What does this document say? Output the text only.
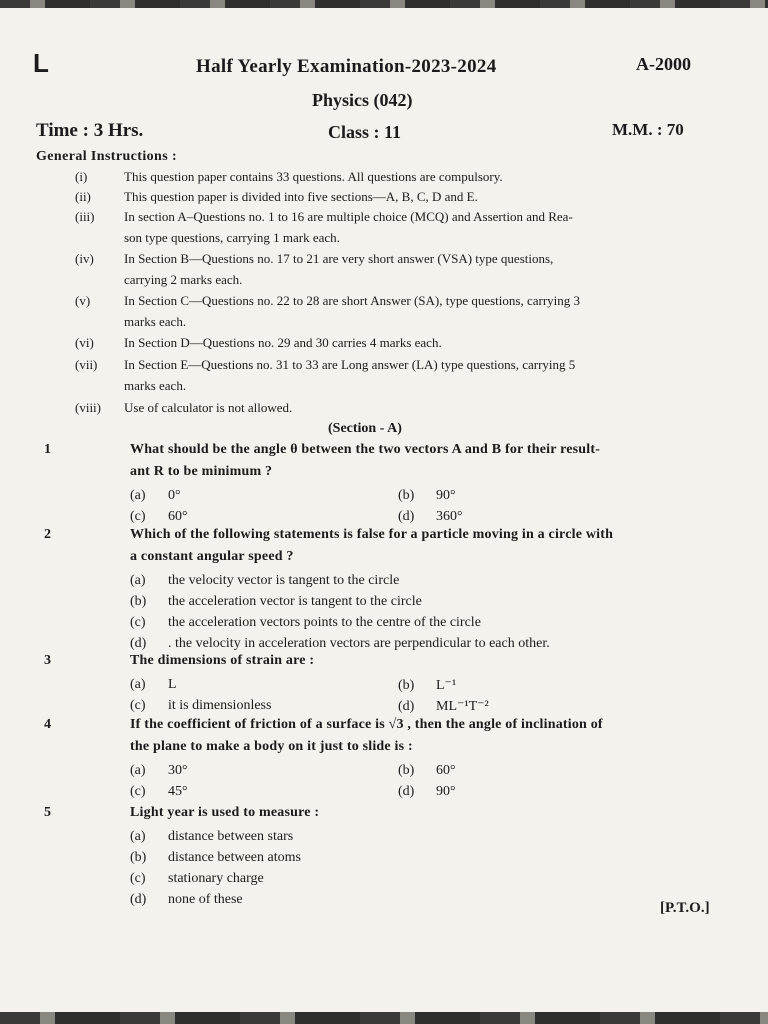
L	Half Yearly Examination-2023-2024	A-2000
Physics (042)
Time : 3 Hrs.	Class : 11	M.M. : 70
General Instructions :
(i)	This question paper contains 33 questions. All questions are compulsory.
(ii)	This question paper is divided into five sections—A, B, C, D and E.
(iii) In section A–Questions no. 1 to 16 are multiple choice (MCQ) and Assertion and Rea-
son type questions, carrying 1 mark each.
(iv) In Section B—Questions no. 17 to 21 are very short answer (VSA) type questions,
carrying 2 marks each.
(v)	In Section C—Questions no. 22 to 28 are short Answer (SA), type questions, carrying 3
marks each.
(vi) In Section D—Questions no. 29 and 30 carries 4 marks each.
(vii) In Section E—Questions no. 31 to 33 are Long answer (LA) type questions, carrying 5
marks each.
(viii) Use of calculator is not allowed.
(Section - A)
1	What should be the angle θ between the two vectors A and B for their result-
ant R to be minimum ?
(a) 0°	(b) 90°
(c) 60°	(d) 360°
2	Which of the following statements is false for a particle moving in a circle with
a constant angular speed ?
(a) the velocity vector is tangent to the circle
(b) the acceleration vector is tangent to the circle
(c) the acceleration vectors points to the centre of the circle
(d) . the velocity in acceleration vectors are perpendicular to each other.
3	The dimensions of strain are :
(a) L	(b) L⁻¹
(c) it is dimensionless	(d) ML⁻¹T⁻²
4	If the coefficient of friction of a surface is √3 , then the angle of inclination of
the plane to make a body on it just to slide is :
(a) 30°	(b) 60°
(c) 45°	(d) 90°
5	Light year is used to measure :
(a) distance between stars
(b) distance between atoms
(c) stationary charge
(d) none of these
[P.T.O.]
